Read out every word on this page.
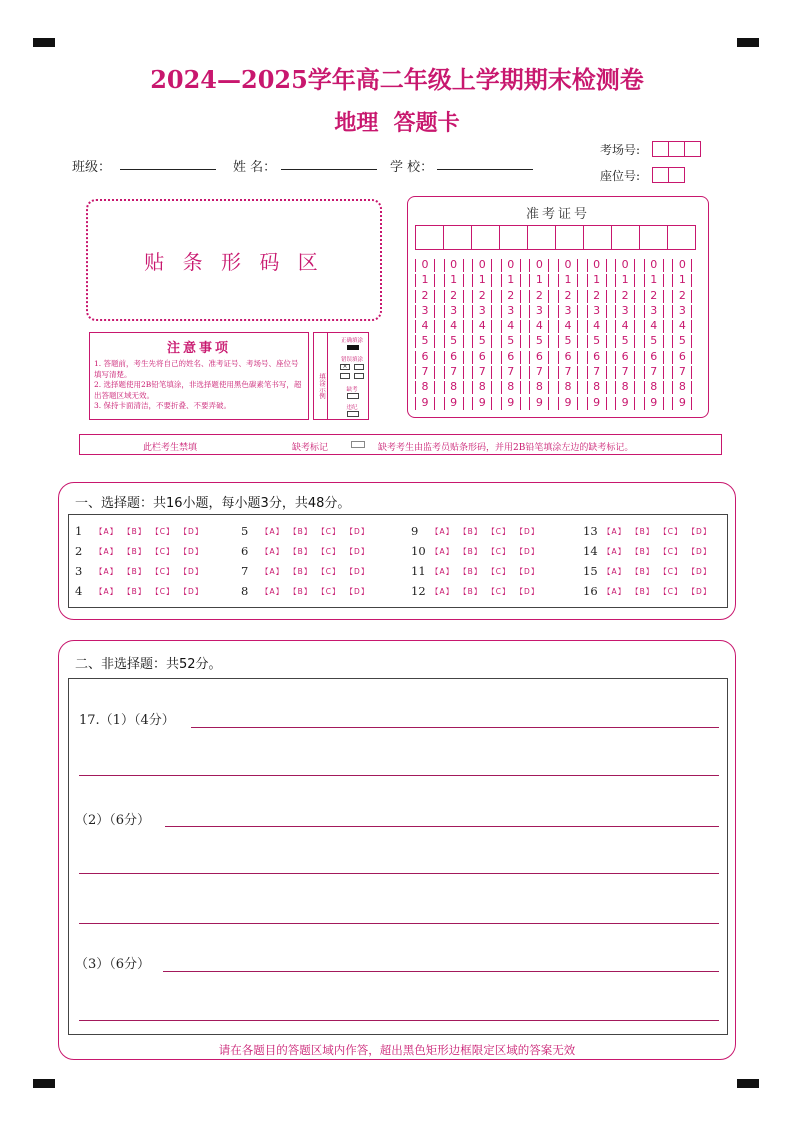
2024—2025学年高二年级上学期期末检测卷
地理  答题卡
班级：	姓 名：	学 校：
考场号:
座位号:
贴 条 形 码 区
准考证号
0	0	0	0	0	0	0	0	0	0
1	1	1	1	1	1	1	1	1	1
2	2	2	2	2	2	2	2	2	2
3	3	3	3	3	3	3	3	3	3
4	4	4	4	4	4	4	4	4	4
5	5	5	5	5	5	5	5	5	5
6	6	6	6	6	6	6	6	6	6
7	7	7	7	7	7	7	7	7	7
8	8	8	8	8	8	8	8	8	8
9	9	9	9	9	9	9	9	9	9
注意事项

1. 答题前，考生先将自己的姓名、准考证号、考场号、座位号填写清楚。

2. 选择题使用2B铅笔填涂，非选择题使用黑色碳素笔书写，超出答题区域无效。

3. 保持卡面清洁，不要折叠、不要弄破。

填涂示例
正确填涂
错误填涂
×
缺考
违纪
此栏考生禁填	缺考标记	缺考考生由监考员贴条形码，并用2B铅笔填涂左边的缺考标记。
一、选择题：共16小题，每小题3分，共48分。
1	【A】 【B】 【C】 【D】
2	【A】 【B】 【C】 【D】
3	【A】 【B】 【C】 【D】
4	【A】 【B】 【C】 【D】
5	【A】 【B】 【C】 【D】
6	【A】 【B】 【C】 【D】
7	【A】 【B】 【C】 【D】
8	【A】 【B】 【C】 【D】
9	【A】 【B】 【C】 【D】
10 【A】 【B】 【C】 【D】
11 【A】 【B】 【C】 【D】
12 【A】 【B】 【C】 【D】
13 【A】 【B】 【C】 【D】
14 【A】 【B】 【C】 【D】
15 【A】 【B】 【C】 【D】
16 【A】 【B】 【C】 【D】
二、非选择题：共52分。
17.（1）（4分）
（2）（6分）
（3）（6分）
请在各题目的答题区域内作答，超出黑色矩形边框限定区域的答案无效
